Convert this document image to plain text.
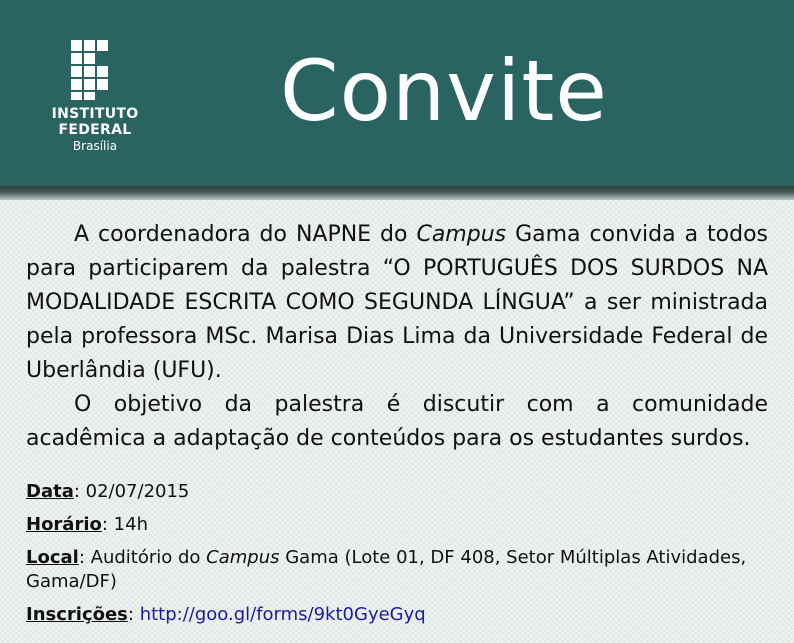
INSTITUTO
FEDERAL
Brasília
Convite

A coordenadora do NAPNE do Campus Gama convida a todos para participarem da palestra “O PORTUGUÊS DOS SURDOS NA MODALIDADE ESCRITA COMO SEGUNDA LÍNGUA” a ser ministrada pela professora MSc. Marisa Dias Lima da Universidade Federal de Uberlândia (UFU).

O objetivo da palestra é discutir com a comunidade acadêmica a adaptação de conteúdos para os estudantes surdos.

Data: 02/07/2015
Horário: 14h
Local: Auditório do Campus Gama (Lote 01, DF 408, Setor Múltiplas Atividades, Gama/DF)
Inscrições: http://goo.gl/forms/9kt0GyeGyq
